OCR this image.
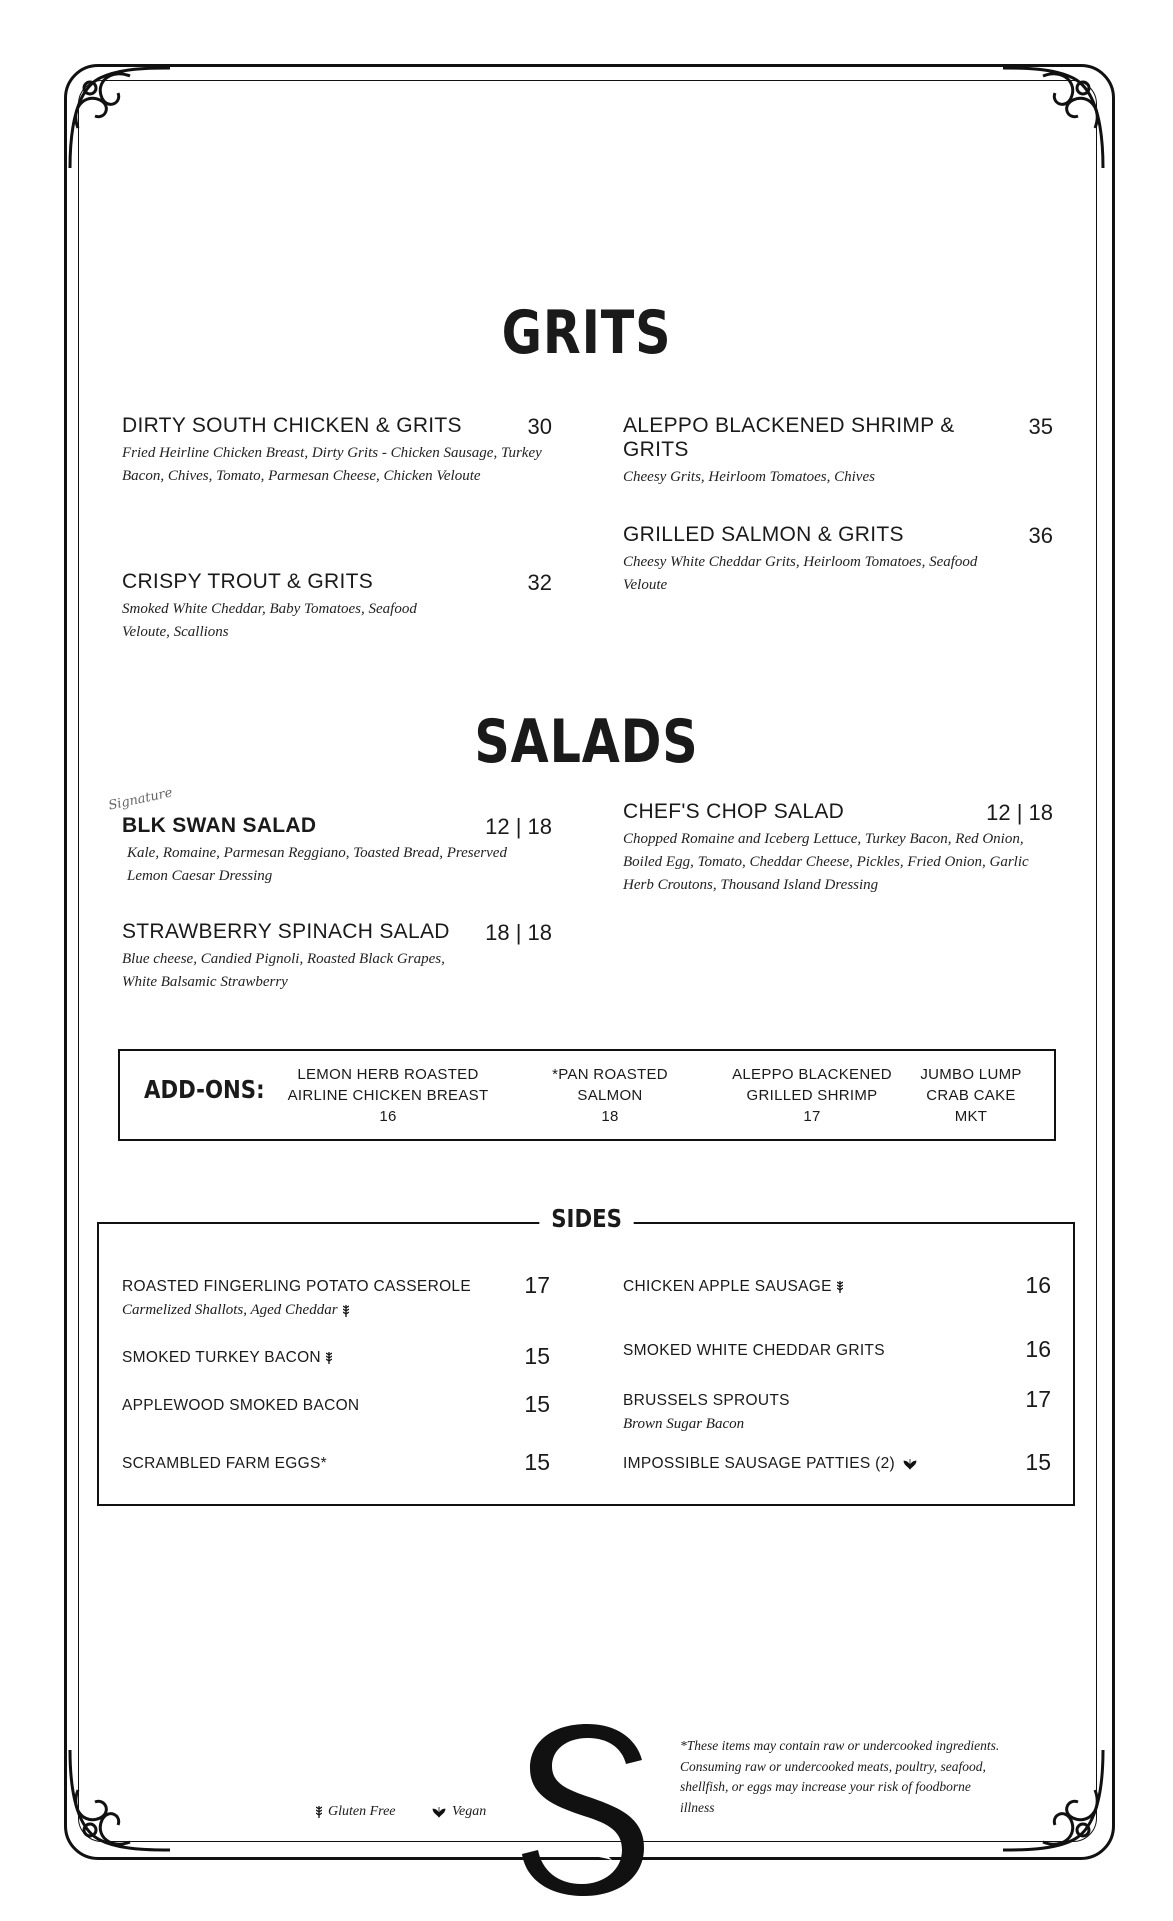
GRITS
DIRTY SOUTH CHICKEN & GRITS	30
Fried Heirline Chicken Breast, Dirty Grits - Chicken Sausage, Turkey Bacon, Chives, Tomato, Parmesan Cheese, Chicken Veloute
CRISPY TROUT & GRITS	32
Smoked White Cheddar, Baby Tomatoes, Seafood Veloute, Scallions
ALEPPO BLACKENED SHRIMP & GRITS
35
Cheesy Grits, Heirloom Tomatoes, Chives
GRILLED SALMON & GRITS	36
Cheesy White Cheddar Grits, Heirloom Tomatoes, Seafood Veloute
SALADS
Signature
BLK SWAN SALAD	12 | 18
Kale, Romaine, Parmesan Reggiano, Toasted Bread, Preserved Lemon Caesar Dressing
STRAWBERRY SPINACH SALAD	18 | 18
Blue cheese, Candied Pignoli, Roasted Black Grapes, White Balsamic Strawberry
CHEF'S CHOP SALAD	12 | 18
Chopped Romaine and Iceberg Lettuce, Turkey Bacon, Red Onion, Boiled Egg, Tomato, Cheddar Cheese, Pickles, Fried Onion, Garlic Herb Croutons, Thousand Island Dressing
ADD-ONS:
LEMON HERB ROASTED
AIRLINE CHICKEN BREAST
16
*PAN ROASTED
SALMON
18
ALEPPO BLACKENED
GRILLED SHRIMP
17
JUMBO LUMP
CRAB CAKE
MKT
SIDES
ROASTED FINGERLING POTATO CASSEROLE	17
Carmelized Shallots, Aged Cheddar
SMOKED TURKEY BACON	15
APPLEWOOD SMOKED BACON	15
SCRAMBLED FARM EGGS*	15
CHICKEN APPLE SAUSAGE	16
SMOKED WHITE CHEDDAR GRITS	16
BRUSSELS SPROUTS	17
Brown Sugar Bacon
IMPOSSIBLE SAUSAGE PATTIES (2)	15
Gluten Free	Vegan
*These items may contain raw or undercooked ingredients. Consuming raw or undercooked meats, poultry, seafood, shellfish, or eggs may increase your risk of foodborne illness
